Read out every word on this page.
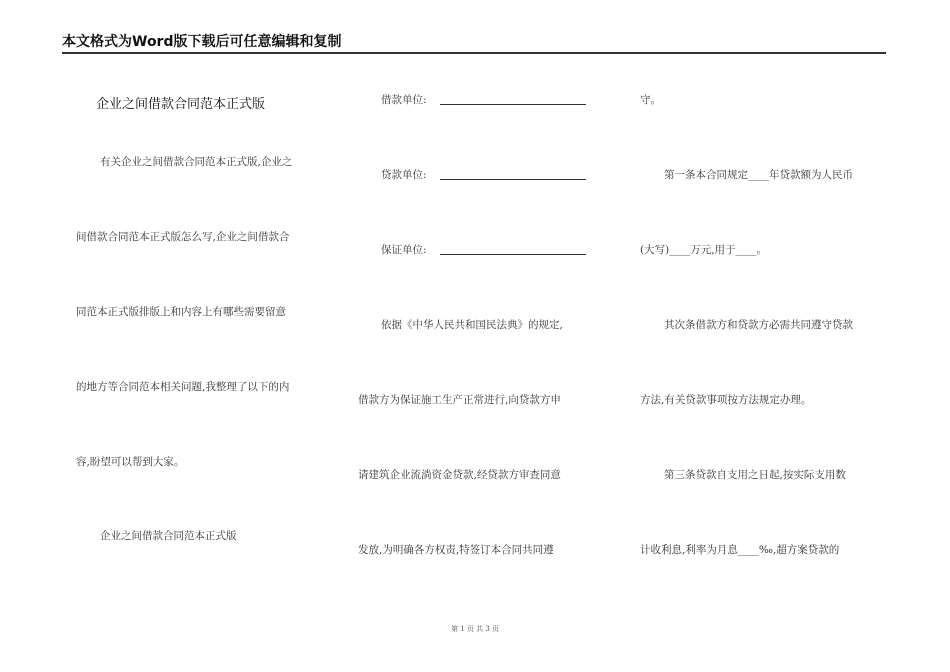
本文格式为Word版下载后可任意编辑和复制
企业之间借款合同范本正式版
有关企业之间借款合同范本正式版,企业之
间借款合同范本正式版怎么写,企业之间借款合
同范本正式版排版上和内容上有哪些需要留意
的地方等合同范本相关问题,我整理了以下的内
容,盼望可以帮到大家。
企业之间借款合同范本正式版
借款单位:
贷款单位:
保证单位:
依据《中华人民共和国民法典》的规定,
借款方为保证施工生产正常进行,向贷款方申
请建筑企业流淌资金贷款,经贷款方审查同意
发放,为明确各方权责,特签订本合同共同遵
守。
第一条本合同规定____年贷款额为人民币
(大写)____万元,用于____。
其次条借款方和贷款方必需共同遵守贷款
方法,有关贷款事项按方法规定办理。
第三条贷款自支用之日起,按实际支用数
计收利息,利率为月息____‰,超方案贷款的
第 1 页 共 3 页
